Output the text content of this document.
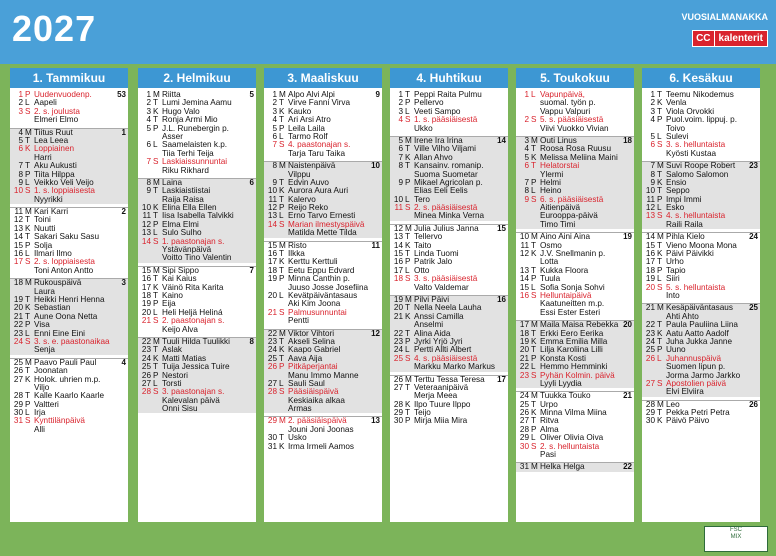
2027	VUOSIALMANAKKA
CC kalenterit
1. Tammikuu
53
1 P Uudenvuodenp.
2 L Aapeli
3 S 2. s. joulusta
Elmeri Elmo
1
4 M Tiitus Ruut
5 T Lea Leea
6 K Loppiainen
Harri
7 T Aku Aukusti
8 P Tiita Hilppa
9 L Veikko Veli Veijo
10 S 1. s. loppiaisesta
Nyyrikki
2
11 M Kari Karri
12 T Toini
13 K Nuutti
14 T Sakari Saku Sasu
15 P Solja
16 L Ilmari Ilmo
17 S 2. s. loppiaisesta
Toni Anton Antto
3
18 M Rukouspäivä
Laura
19 T Heikki Henri Henna
20 K Sebastian
21 T Aune Oona Netta
22 P Visa
23 L Enni Eine Eini
24 S 3. s. e. paastonaikaa
Senja
4
25 M Paavo Pauli Paul
26 T Joonatan
27 K Holok. uhrien m.p.
Viljo
28 T Kalle Kaarlo Kaarle
29 P Valtteri
30 L Irja
31 S Kynttilänpäivä
Alli
2. Helmikuu
5
1 M Riitta
2 T Lumi Jemina Aamu
3 K Hugo Valo
4 T Ronja Armi Mio
5 P J.L. Runebergin p.
Asser
6 L Saamelaisten k.p.
Tiia Terhi Teija
7 S Laskiaissunnuntai
Riku Rikhard
6
8 M Laina
9 T Laskiaistiistai
Raija Raisa
10 K Elina Ella Ellen
11 T Iisa Isabella Talvikki
12 P Elma Elmi
13 L Sulo Sulho
14 S 1. paastonajan s.
Ystävänpäivä
Voitto Tino Valentin
7
15 M Sipi Sippo
16 T Kai Kaius
17 K Väinö Rita Karita
18 T Kaino
19 P Eija
20 L Heli Heljä Heliná
21 S 2. paastonajan s.
Keijo Alva
8
22 M Tuuli Hilda Tuulikki
23 T Aslak
24 K Matti Matias
25 T Tuija Jessica Tuire
26 P Nestori
27 L Torsti
28 S 3. paastonajan s.
Kalevalan päivä
Onni Sisu
3. Maaliskuu
9
1 M Alpo Alvi Alpi
2 T Virve Fanni Virva
3 K Kauko
4 T Ari Arsi Atro
5 P Leila Laila
6 L Tarmo Rolf
7 S 4. paastonajan s.
Tarja Taru Taika
10
8 M Naistenpäivä
Vilppu
9 T Edvin Auvo
10 K Aurora Aura Auri
11 T Kalervo
12 P Reijo Reko
13 L Erno Tarvo Ernesti
14 S Marian ilmestyspäivä
Matilda Mette Tilda
11
15 M Risto
16 T Ilkka
17 K Kerttu Kerttuli
18 T Eetu Eppu Edvard
19 P Minna Canthin p.
Juuso Josse Josefiina
20 L Kevätpäiväntasaus
Aki Kim Joona
21 S Palmusunnuntai
Pentti
12
22 M Viktor Vihtori
23 T Akseli Selina
24 K Kaapo Gabriel
25 T Aava Aija
26 P Pitkäperjantai
Manu Immo Manne
27 L Sauli Saul
28 S Pääsiäispäivä
Keskiaika alkaa
Armas
13
29 M 2. pääsiäispäivä
Jouni Joni Joonas
30 T Usko
31 K Irma Irmeli Aamos
4. Huhtikuu
1 T Peppi Raita Pulmu
2 P Pellervo
3 L Veeti Sampo
4 S 1. s. pääsiäisestä
Ukko
14
5 M Irene Ira Irina
6 T Ville Vilho Viljami
7 K Allan Ahvo
8 T Kansainv. romanip.
Suoma Suometar
9 P Mikael Agricolan p.
Elias Eeli Eelis
10 L Tero
11 S 2. s. pääsiäisestä
Minea Minka Verna
15
12 M Julia Julius Janna
13 T Tellervo
14 K Taito
15 T Linda Tuomi
16 P Patrik Jalo
17 L Otto
18 S 3. s. pääsiäisestä
Valto Valdemar
16
19 M Pilvi Päivi
20 T Nella Neela Lauha
21 K Anssi Camilla
Anselmi
22 T Alina Aida
23 P Jyrki Yrjö Jyri
24 L Pertti Allti Albert
25 S 4. s. pääsiäisestä
Markku Marko Markus
17
26 M Terttu Tessa Teresa
27 T Veteraanipäivä
Merja Meea
28 K Ilpo Tuure Ilppo
29 T Teijo
30 P Mirja Miia Mira
5. Toukokuu
1 L Vapunpäivä,
suomal. työn p.
Vappu Valpuri
2 S 5. s. pääsiäisestä
Viivi Vuokko Vivian
18
3 M Outi Linus
4 T Roosa Rosa Ruusu
5 K Melissa Meliina Maini
6 T Helatorstai
Ylermi
7 P Helmi
8 L Heino
9 S 6. s. pääsiäisestä
Äitienpäivä
Eurooppa-päivä
Timo Timi
19
10 M Aino Aini Aina
11 T Osmo
12 K J.V. Snellmanin p.
Lotta
13 T Kukka Floora
14 P Tuula
15 L Sofia Sonja Sohvi
16 S Helluntaipäivä
Kaatuneitten m.p.
Essi Ester Esteri
20
17 M Maila Maisa Rebekka
18 T Erkki Eero Eerika
19 K Emma Emilia Milla
20 T Lilja Karoliina Lilli
21 P Konsta Kosti
22 L Hemmo Hemminki
23 S Pyhän Kolmin. päivä
Lyyli Lyydia
21
24 M Tuukka Touko
25 T Urpo
26 K Minna Vilma Miina
27 T Ritva
28 P Alma
29 L Oliver Olivia Oiva
30 S 2. s. helluntaista
Pasi
22
31 M Helka Helga
6. Kesäkuu
1 T Teemu Nikodemus
2 K Venla
3 T Viola Orvokki
4 P Puol.voim. lippuj. p.
Toivo
5 L Sulevi
6 S 3. s. helluntaista
Kyösti Kustaa
23
7 M Suvi Roope Robert
8 T Salomo Salomon
9 K Ensio
10 T Seppo
11 P Impi Immi
12 L Esko
13 S 4. s. helluntaista
Raili Raila
24
14 M Pihla Kielo
15 T Vieno Moona Mona
16 K Päivi Päivikki
17 T Urho
18 P Tapio
19 L Siiri
20 S 5. s. helluntaista
Into
25
21 M Kesäpäiväntasaus
Ahti Ahto
22 T Paula Pauliina Liina
23 K Aatu Aatto Aadolf
24 T Juha Jukka Janne
25 P Uuno
26 L Juhannuspäivä
Suomen lipun p.
Jorma Jarmo Jarkko
27 S Apostolien päivä
Elvi Elviira
26
28 M Leo
29 T Pekka Petri Petra
30 K Päivö Päivo
FSC
MIX
